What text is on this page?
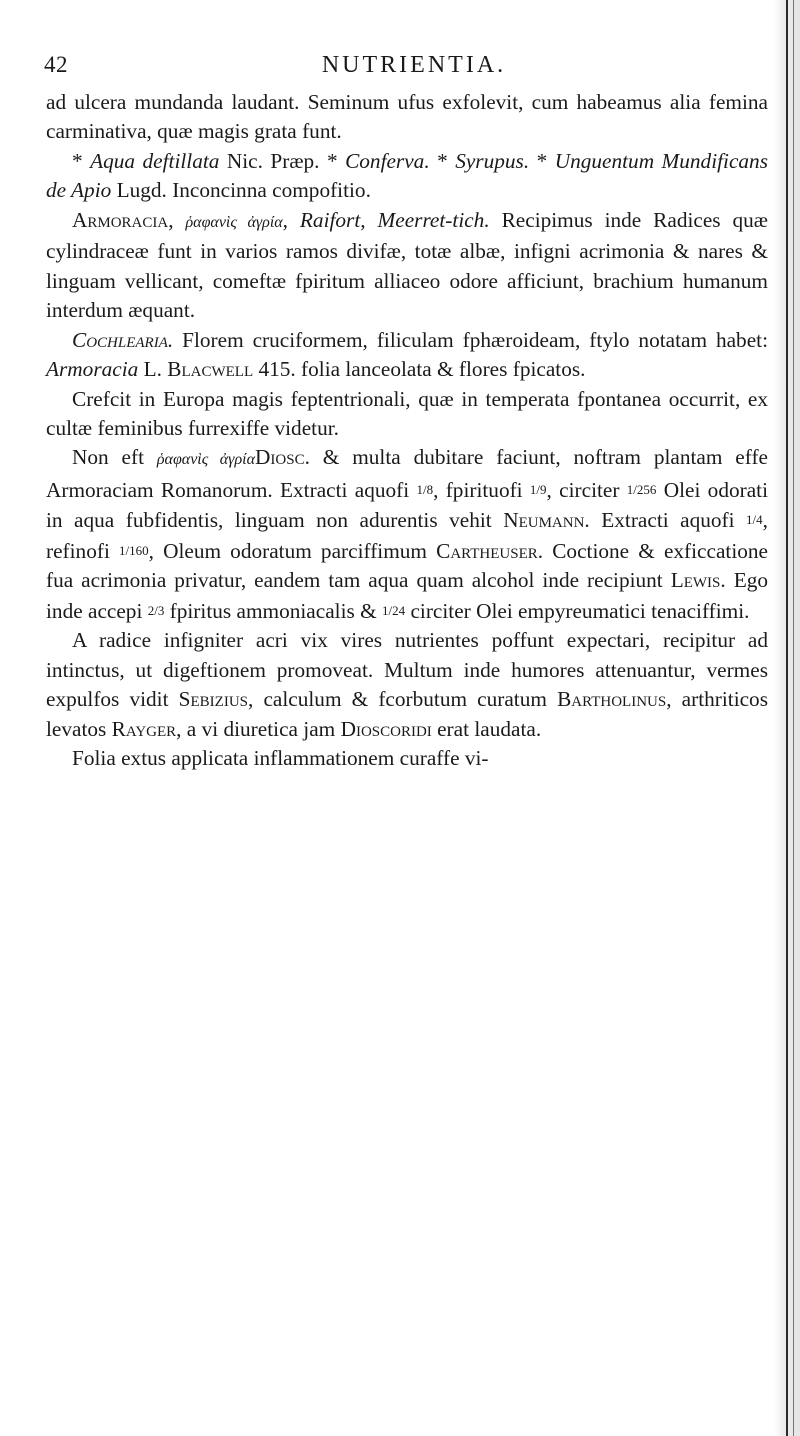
42	NUTRIENTIA.

ad ulcera mundanda laudant. Seminum ufus exfolevit, cum habeamus alia femina carminativa, quæ magis grata funt.

* Aqua deftillata Nic. Præp. * Conferva. * Syrupus. * Unguentum Mundificans de Apio Lugd. Inconcinna compofitio.

Armoracia, ῥαφανὶς ἀγρία, Raifort, Meerret-tich. Recipimus inde Radices quæ cylindraceæ funt in varios ramos divifæ, totæ albæ, infigni acrimonia & nares & linguam vellicant, comeftæ fpiritum alliaceo odore afficiunt, brachium humanum interdum æquant.

Cochlearia. Florem cruciformem, filiculam fphæroideam, ftylo notatam habet: Armoracia L. Blacwell 415. folia lanceolata & flores fpicatos.

Crefcit in Europa magis feptentrionali, quæ in temperata fpontanea occurrit, ex cultæ feminibus furrexiffe videtur.

Non eft ῥαφανὶς ἀγρίαDiosc. & multa dubitare faciunt, noftram plantam effe Armoraciam Romanorum. Extracti aquofi 1/8, fpirituofi 1/9, circiter 1/256 Olei odorati in aqua fubfidentis, linguam non adurentis vehit Neumann. Extracti aquofi 1/4, refinofi 1/160, Oleum odoratum parciffimum Cartheuser. Coctione & exficcatione fua acrimonia privatur, eandem tam aqua quam alcohol inde recipiunt Lewis. Ego inde accepi 2/3 fpiritus ammoniacalis & 1/24 circiter Olei empyreumatici tenaciffimi.

A radice infigniter acri vix vires nutrientes poffunt expectari, recipitur ad intinctus, ut digeftionem promoveat. Multum inde humores attenuantur, vermes expulfos vidit Sebizius, calculum & fcorbutum curatum Bartholinus, arthriticos levatos Rayger, a vi diuretica jam Dioscoridi erat laudata.

Folia extus applicata inflammationem curaffe vi-
